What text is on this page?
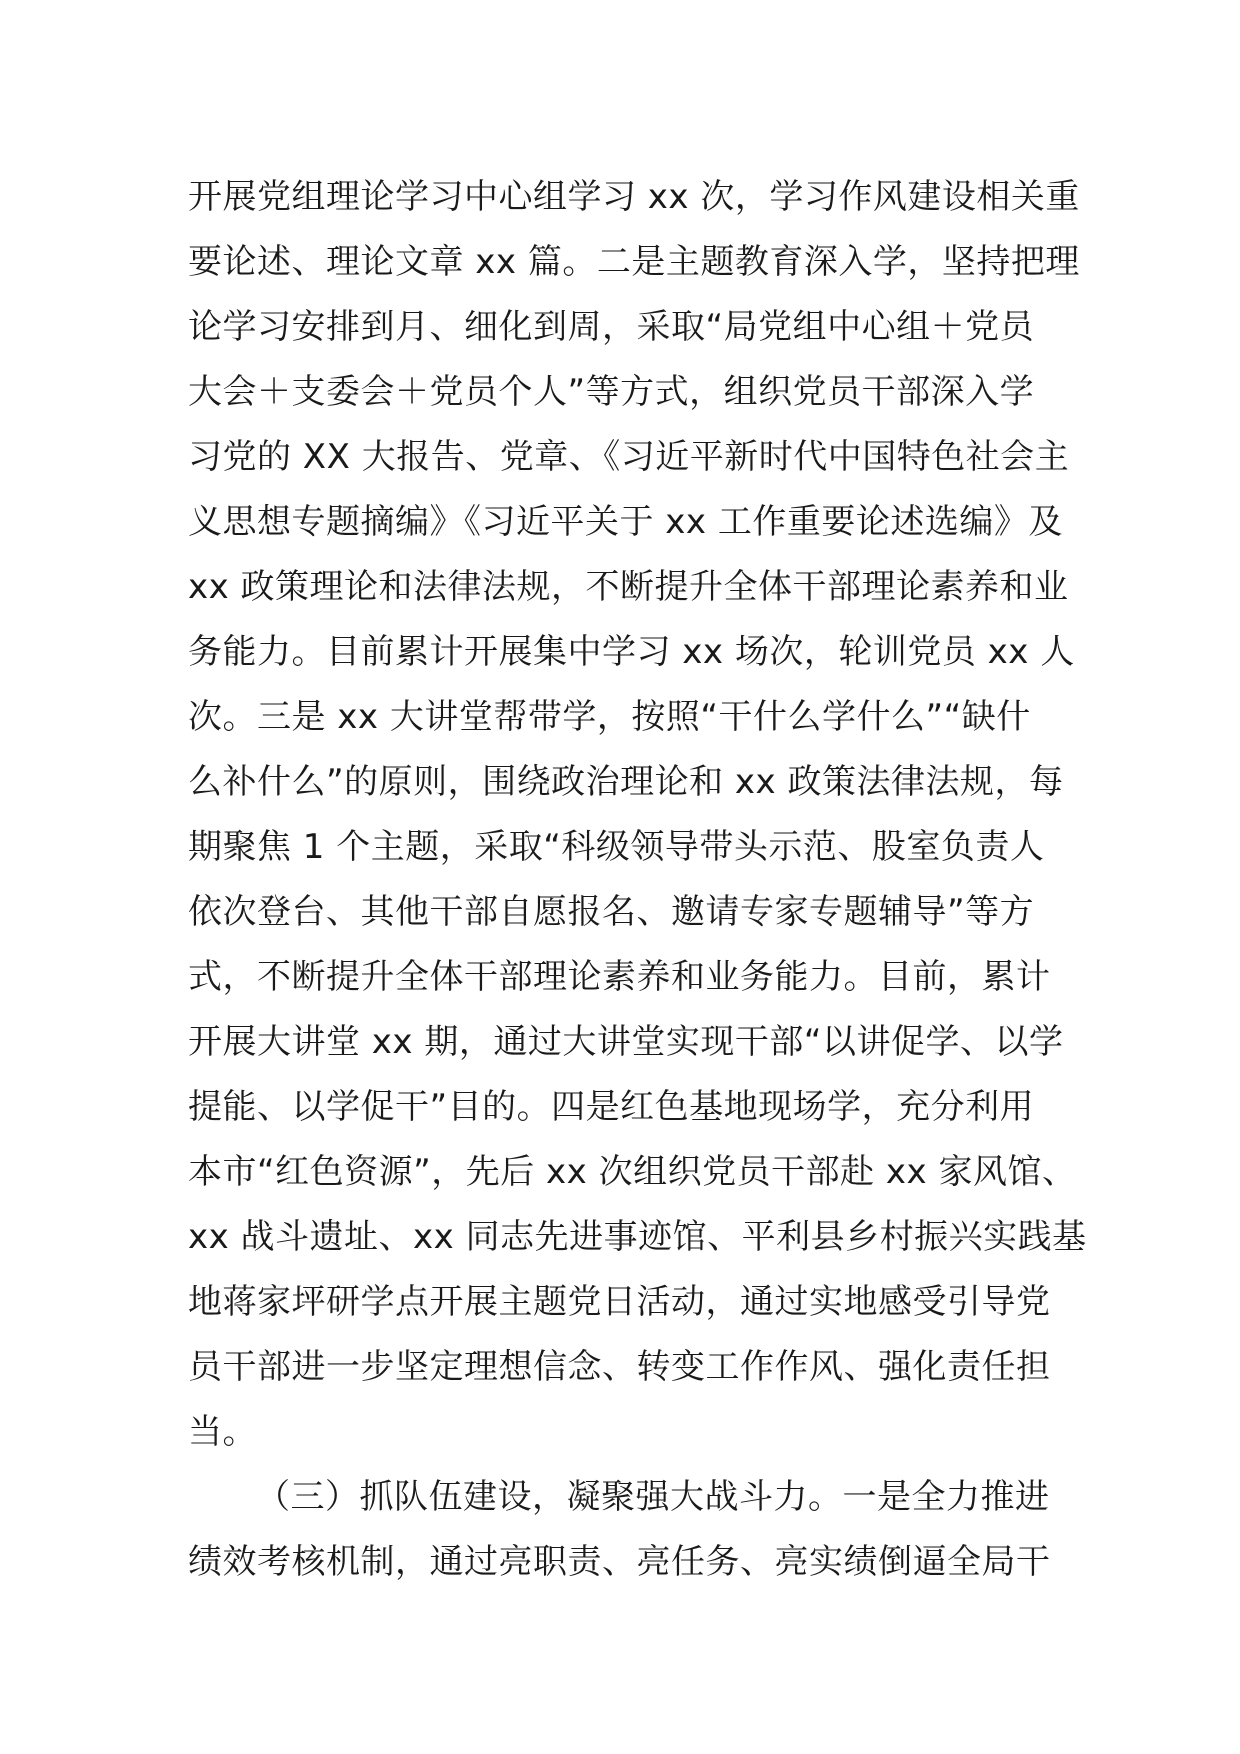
开展党组理论学习中心组学习 xx 次，学习作风建设相关重
要论述、理论文章 xx 篇。二是主题教育深入学，坚持把理
论学习安排到月、细化到周，采取“局党组中心组＋党员
大会＋支委会＋党员个人”等方式，组织党员干部深入学
习党的 XX 大报告、党章、《习近平新时代中国特色社会主
义思想专题摘编》《习近平关于 xx 工作重要论述选编》及
xx 政策理论和法律法规，不断提升全体干部理论素养和业
务能力。目前累计开展集中学习 xx 场次，轮训党员 xx 人
次。三是 xx 大讲堂帮带学，按照“干什么学什么”“缺什
么补什么”的原则，围绕政治理论和 xx 政策法律法规，每
期聚焦 1 个主题，采取“科级领导带头示范、股室负责人
依次登台、其他干部自愿报名、邀请专家专题辅导”等方
式，不断提升全体干部理论素养和业务能力。目前，累计
开展大讲堂 xx 期，通过大讲堂实现干部“以讲促学、以学
提能、以学促干”目的。四是红色基地现场学，充分利用
本市“红色资源”，先后 xx 次组织党员干部赴 xx 家风馆、
xx 战斗遗址、xx 同志先进事迹馆、平利县乡村振兴实践基
地蒋家坪研学点开展主题党日活动，通过实地感受引导党
员干部进一步坚定理想信念、转变工作作风、强化责任担
当。
（三）抓队伍建设，凝聚强大战斗力。一是全力推进
绩效考核机制，通过亮职责、亮任务、亮实绩倒逼全局干
